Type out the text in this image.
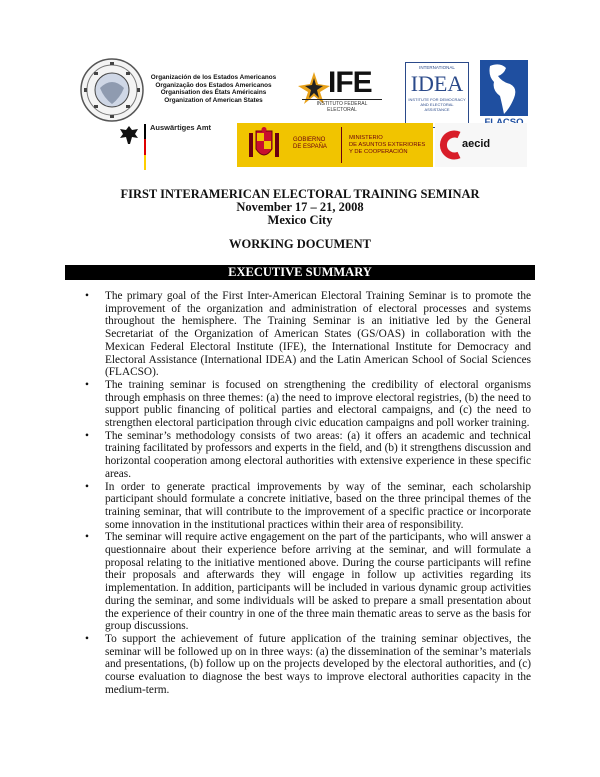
Organización de los Estados Americanos
Organização dos Estados Americanos
Organisation des États Américains
Organization of American States
IFE
INSTITUTO FEDERAL ELECTORAL
INTERNATIONAL
IDEA
INSTITUTE FOR DEMOCRACY AND ELECTORAL ASSISTANCE
Auswärtiges Amt
GOBIERNO
DE ESPAÑA
MINISTERIO
DE ASUNTOS EXTERIORES
Y DE COOPERACIÓN
aecid
FIRST INTERAMERICAN ELECTORAL TRAINING SEMINAR
November 17 – 21, 2008
Mexico City
WORKING DOCUMENT
EXECUTIVE SUMMARY
• The primary goal of the First Inter-American Electoral Training Seminar is to promote the improvement of the organization and administration of electoral processes and systems throughout the hemisphere. The Training Seminar is an initiative led by the General Secretariat of the Organization of American States (GS/OAS) in collaboration with the Mexican Federal Electoral Institute (IFE), the International Institute for Democracy and Electoral Assistance (International IDEA) and the Latin American School of Social Sciences (FLACSO).
• The training seminar is focused on strengthening the credibility of electoral organisms through emphasis on three themes: (a) the need to improve electoral registries, (b) the need to support public financing of political parties and electoral campaigns, and (c) the need to strengthen electoral participation through civic education campaigns and poll worker training.
• The seminar’s methodology consists of two areas: (a) it offers an academic and technical training facilitated by professors and experts in the field, and (b) it strengthens discussion and horizontal cooperation among electoral authorities with extensive experience in these specific areas.
• In order to generate practical improvements by way of the seminar, each scholarship participant should formulate a concrete initiative, based on the three principal themes of the training seminar, that will contribute to the improvement of a specific practice or incorporate some innovation in the institutional practices within their area of responsibility.
• The seminar will require active engagement on the part of the participants, who will answer a questionnaire about their experience before arriving at the seminar, and will formulate a proposal relating to the initiative mentioned above. During the course participants will refine their proposals and afterwards they will engage in follow up activities regarding its implementation. In addition, participants will be included in various dynamic group activities during the seminar, and some individuals will be asked to prepare a small presentation about the experience of their country in one of the three main thematic areas to serve as the basis for group discussions.
• To support the achievement of future application of the training seminar objectives, the seminar will be followed up on in three ways: (a) the dissemination of the seminar’s materials and presentations, (b) follow up on the projects developed by the electoral authorities, and (c) course evaluation to diagnose the best ways to improve electoral authorities capacity in the medium-term.
